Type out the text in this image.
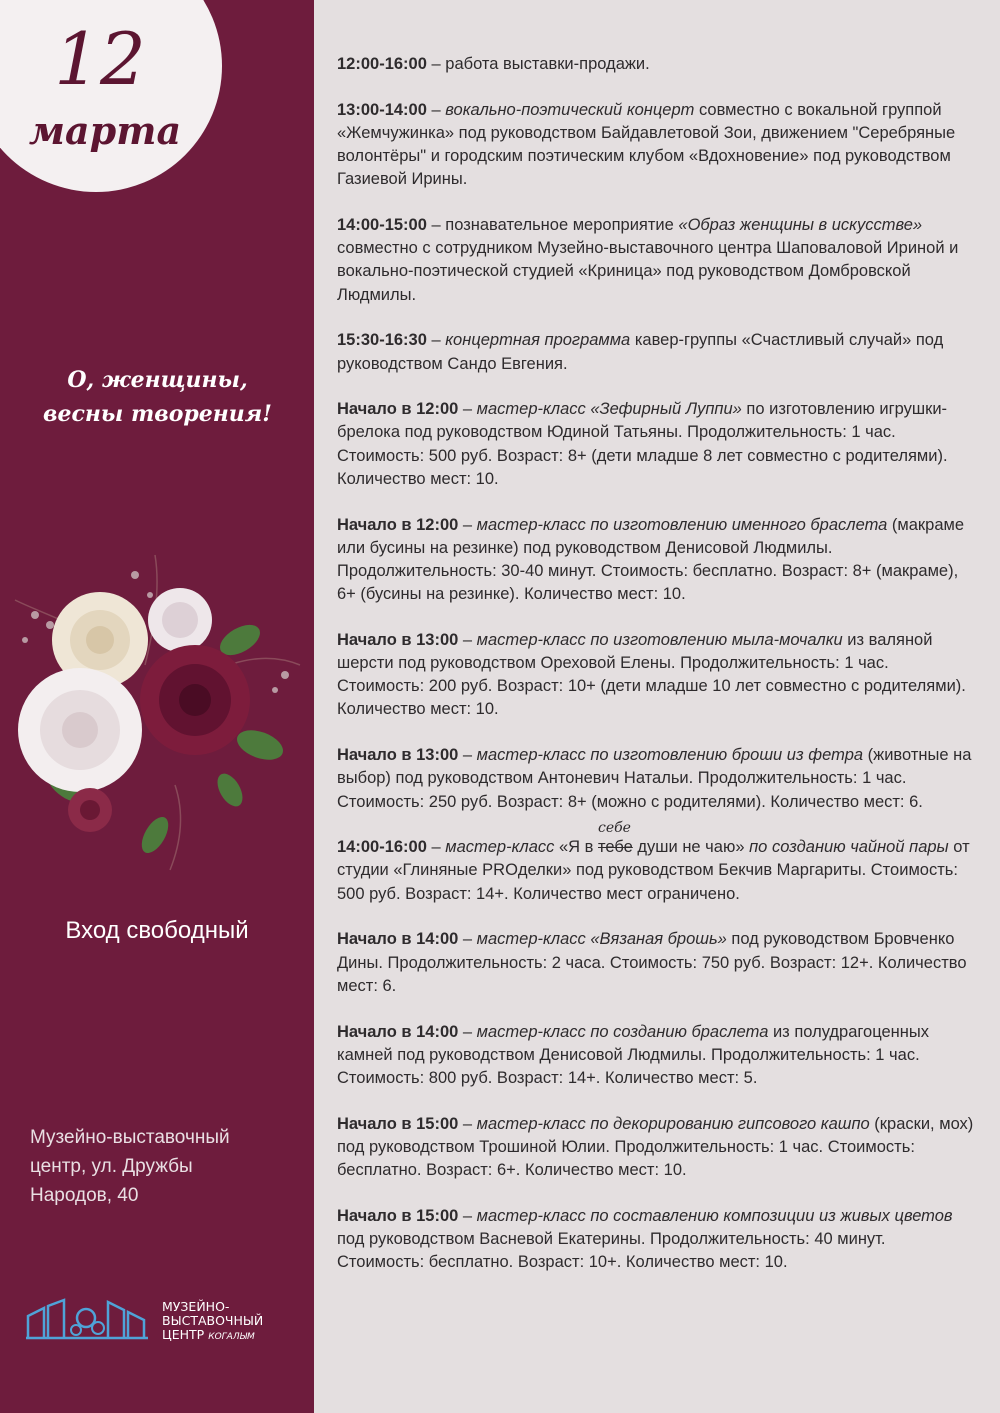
12
марта
О, женщины,
весны творения!
Вход свободный
Музейно-выставочный
центр, ул. Дружбы
Народов, 40
МУЗЕЙНО-
ВЫСТАВОЧНЫЙ
ЦЕНТР КОГАЛЫМ

12:00-16:00 – работа выставки-продажи.

13:00-14:00 – вокально-поэтический концерт совместно с вокальной группой «Жемчужинка» под руководством Байдавлетовой Зои, движением "Серебряные волонтёры" и городским поэтическим клубом «Вдохновение» под руководством Газиевой Ирины.

14:00-15:00 – познавательное мероприятие «Образ женщины в искусстве» совместно с сотрудником Музейно-выставочного центра Шаповаловой Ириной и вокально-поэтической студией «Криница» под руководством Домбровской Людмилы.

15:30-16:30 – концертная программа кавер-группы «Счастливый случай» под руководством Сандо Евгения.

Начало в 12:00 – мастер-класс «Зефирный Луппи» по изготовлению игрушки-брелока под руководством Юдиной Татьяны. Продолжительность: 1 час. Стоимость: 500 руб. Возраст: 8+ (дети младше 8 лет совместно с родителями). Количество мест: 10.

Начало в 12:00 – мастер-класс по изготовлению именного браслета (макраме или бусины на резинке) под руководством Денисовой Людмилы. Продолжительность: 30-40 минут. Стоимость: бесплатно. Возраст: 8+ (макраме), 6+ (бусины на резинке). Количество мест: 10.

Начало в 13:00 – мастер-класс по изготовлению мыла-мочалки из валяной шерсти под руководством Ореховой Елены. Продолжительность: 1 час. Стоимость: 200 руб. Возраст: 10+ (дети младше 10 лет совместно с родителями). Количество мест: 10.

Начало в 13:00 – мастер-класс по изготовлению броши из фетра (животные на выбор) под руководством Антоневич Натальи. Продолжительность: 1 час. Стоимость: 250 руб. Возраст: 8+ (можно с родителями). Количество мест: 6.

14:00-16:00 – мастер-класс «Я в тебе
себе
души не чаю» по созданию чайной пары от студии «Глиняные PROделки» под руководством Бекчив Маргариты. Стоимость: 500 руб. Возраст: 14+. Количество мест ограничено.

Начало в 14:00 – мастер-класс «Вязаная брошь» под руководством Бровченко Дины. Продолжительность: 2 часа. Стоимость: 750 руб. Возраст: 12+. Количество мест: 6.

Начало в 14:00 – мастер-класс по созданию браслета из полудрагоценных камней под руководством Денисовой Людмилы. Продолжительность: 1 час. Стоимость: 800 руб. Возраст: 14+. Количество мест: 5.

Начало в 15:00 – мастер-класс по декорированию гипсового кашпо (краски, мох) под руководством Трошиной Юлии. Продолжительность: 1 час. Стоимость: бесплатно. Возраст: 6+. Количество мест: 10.

Начало в 15:00 – мастер-класс по составлению композиции из живых цветов под руководством Васневой Екатерины. Продолжительность: 40 минут. Стоимость: бесплатно. Возраст: 10+. Количество мест: 10.
